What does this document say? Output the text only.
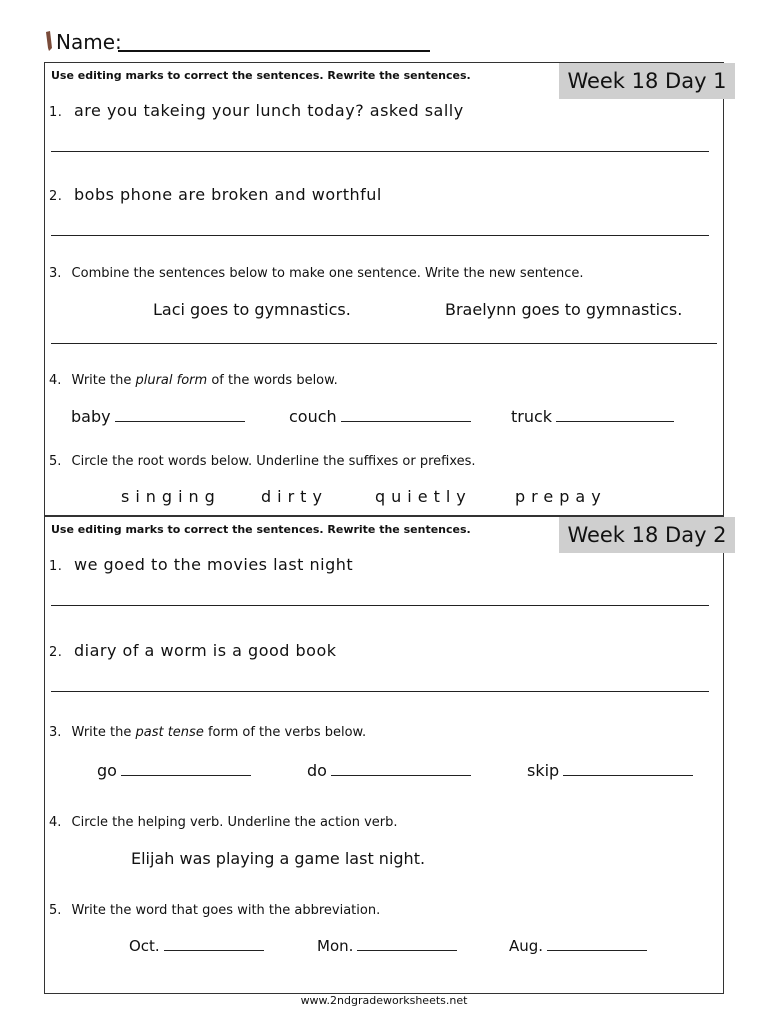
Name:
Use editing marks to correct the sentences. Rewrite the sentences.	Week 18 Day 1
1. are you takeing your lunch today? asked sally
2. bobs phone are broken and worthful
3. Combine the sentences below to make one sentence. Write the new sentence.
Laci goes to gymnastics.	Braelynn goes to gymnastics.
4. Write the plural form of the words below.
baby	couch	truck
5. Circle the root words below. Underline the suffixes or prefixes.
singing	dirty	quietly	prepay
Use editing marks to correct the sentences. Rewrite the sentences.	Week 18 Day 2
1. we goed to the movies last night
2. diary of a worm is a good book
3. Write the past tense form of the verbs below.
go	do	skip
4. Circle the helping verb. Underline the action verb.
Elijah was playing a game last night.
5. Write the word that goes with the abbreviation.
Oct.	Mon.	Aug.
www.2ndgradeworksheets.net
